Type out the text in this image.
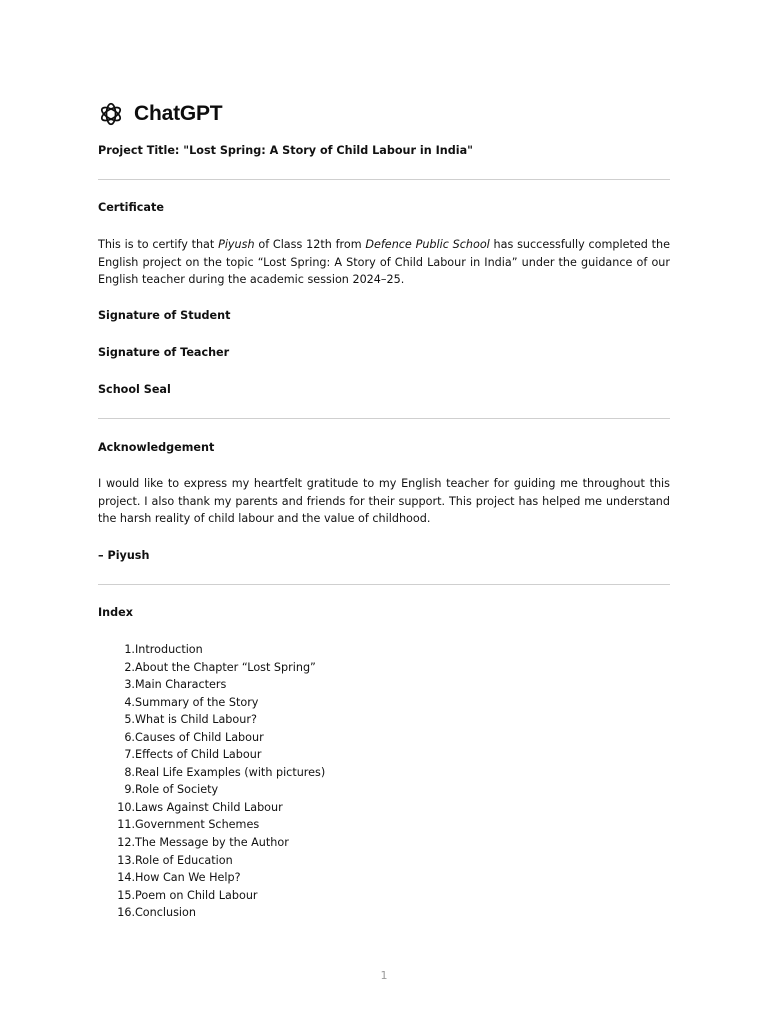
ChatGPT
Project Title: "Lost Spring: A Story of Child Labour in India"
Certificate
This is to certify that Piyush of Class 12th from Defence Public School has successfully completed the English project on the topic “Lost Spring: A Story of Child Labour in India” under the guidance of our English teacher during the academic session 2024–25.
Signature of Student
Signature of Teacher
School Seal
Acknowledgement
I would like to express my heartfelt gratitude to my English teacher for guiding me throughout this project. I also thank my parents and friends for their support. This project has helped me understand the harsh reality of child labour and the value of childhood.
– Piyush
Index
1. Introduction
2. About the Chapter “Lost Spring”
3. Main Characters
4. Summary of the Story
5. What is Child Labour?
6. Causes of Child Labour
7. Effects of Child Labour
8. Real Life Examples (with pictures)
9. Role of Society
10. Laws Against Child Labour
11. Government Schemes
12. The Message by the Author
13. Role of Education
14. How Can We Help?
15. Poem on Child Labour
16. Conclusion
1
